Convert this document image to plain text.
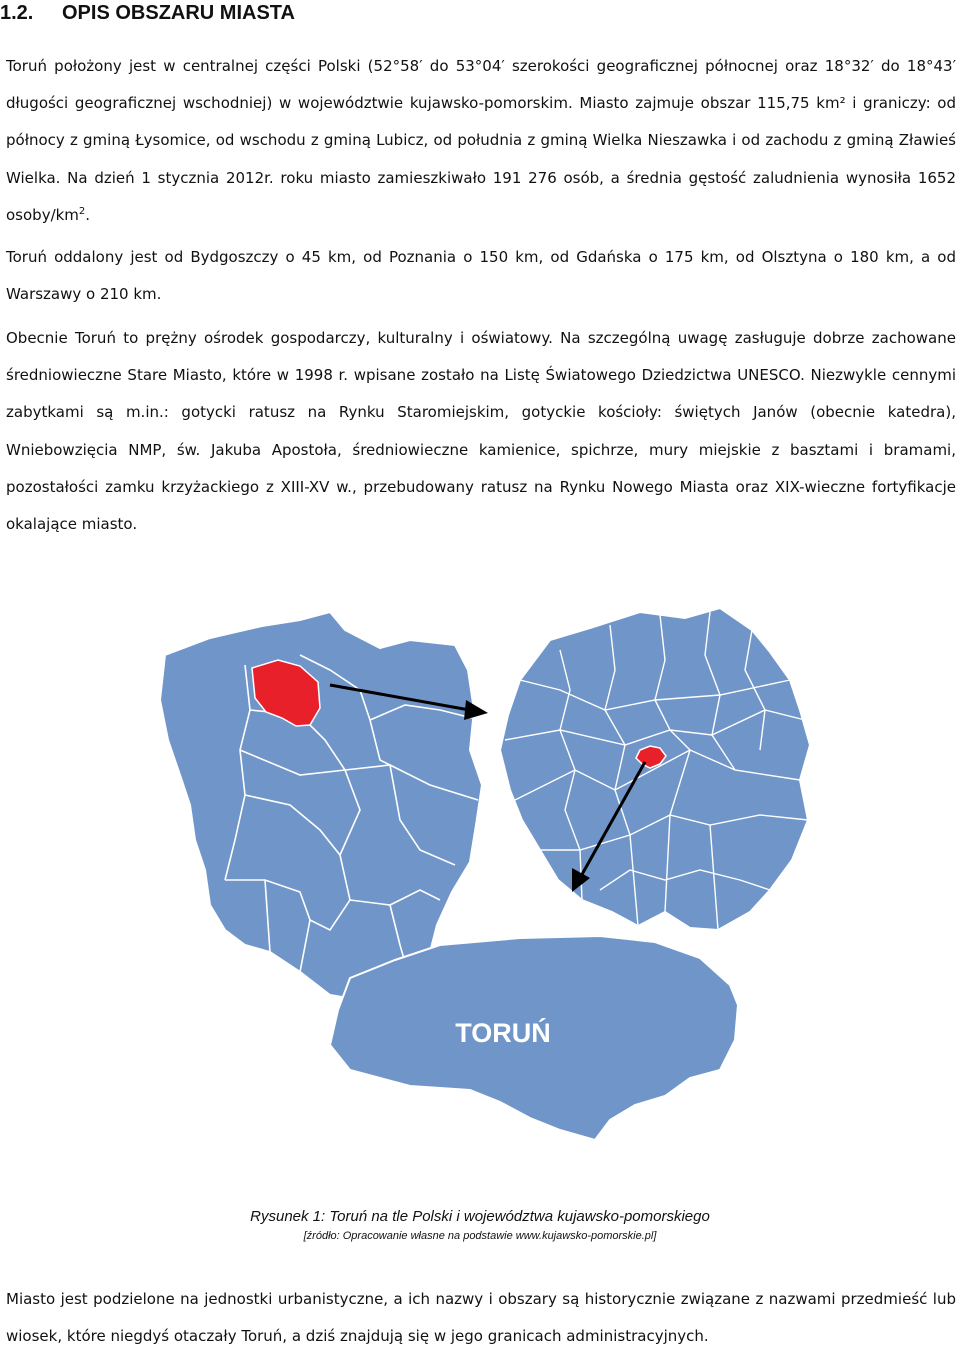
1.2. OPIS OBSZARU MIASTA

Toruń położony jest w centralnej części Polski (52°58′ do 53°04′ szerokości geograficznej północnej oraz 18°32′ do 18°43′ długości geograficznej wschodniej) w województwie kujawsko-pomorskim. Miasto zajmuje obszar 115,75 km² i graniczy: od północy z gminą Łysomice, od wschodu z gminą Lubicz, od południa z gminą Wielka Nieszawka i od zachodu z gminą Zławieś Wielka. Na dzień 1 stycznia 2012r. roku miasto zamieszkiwało 191 276 osób, a średnia gęstość zaludnienia wynosiła 1652 osoby/$km^2$.

Toruń oddalony jest od Bydgoszczy o 45 km, od Poznania o 150 km, od Gdańska o 175 km, od Olsztyna o 180 km, a od Warszawy o 210 km.

Obecnie Toruń to prężny ośrodek gospodarczy, kulturalny i oświatowy. Na szczególną uwagę zasługuje dobrze zachowane średniowieczne Stare Miasto, które w 1998 r. wpisane zostało na Listę Światowego Dziedzictwa UNESCO. Niezwykle cennymi zabytkami są m.in.: gotycki ratusz na Rynku Staromiejskim, gotyckie kościoły: świętych Janów (obecnie katedra), Wniebowzięcia NMP, św. Jakuba Apostoła, średniowieczne kamienice, spichrze, mury miejskie z basztami i bramami, pozostałości zamku krzyżackiego z XIII-XV w., przebudowany ratusz na Rynku Nowego Miasta oraz XIX-wieczne fortyfikacje okalające miasto.

TORUŃ
Rysunek 1: Toruń na tle Polski i województwa kujawsko-pomorskiego
[źródło: Opracowanie własne na podstawie www.kujawsko-pomorskie.pl]

Miasto jest podzielone na jednostki urbanistyczne, a ich nazwy i obszary są historycznie związane z nazwami przedmieść lub wiosek, które niegdyś otaczały Toruń, a dziś znajdują się w jego granicach administracyjnych.
